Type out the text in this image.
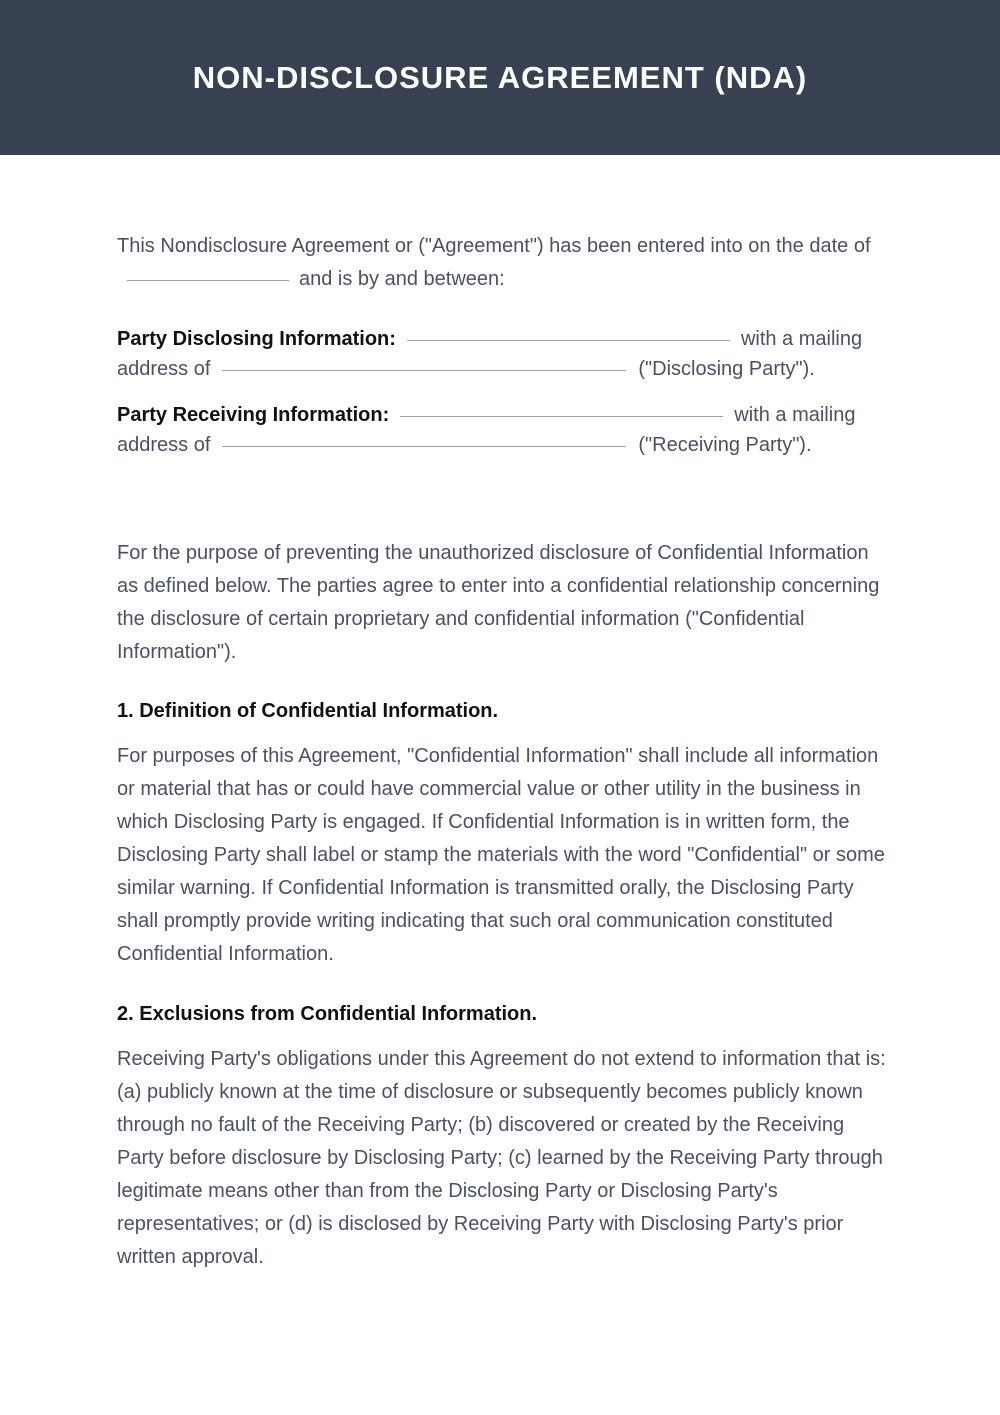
NON-DISCLOSURE AGREEMENT (NDA)

This Nondisclosure Agreement or ("Agreement") has been entered into on the date ofand is by and between:

Party Disclosing Information:	with a mailing address of	("Disclosing Party").

Party Receiving Information:	with a mailing address of	("Receiving Party").

For the purpose of preventing the unauthorized disclosure of Confidential Information as defined below. The parties agree to enter into a confidential relationship concerning the disclosure of certain proprietary and confidential information ("Confidential Information").

1. Definition of Confidential Information.

For purposes of this Agreement, "Confidential Information" shall include all information or material that has or could have commercial value or other utility in the business in which Disclosing Party is engaged. If Confidential Information is in written form, the Disclosing Party shall label or stamp the materials with the word "Confidential" or some similar warning. If Confidential Information is transmitted orally, the Disclosing Party shall promptly provide writing indicating that such oral communication constituted Confidential Information.

2. Exclusions from Confidential Information.

Receiving Party's obligations under this Agreement do not extend to information that is: (a) publicly known at the time of disclosure or subsequently becomes publicly known through no fault of the Receiving Party; (b) discovered or created by the Receiving Party before disclosure by Disclosing Party; (c) learned by the Receiving Party through legitimate means other than from the Disclosing Party or Disclosing Party's representatives; or (d) is disclosed by Receiving Party with Disclosing Party's prior written approval.
